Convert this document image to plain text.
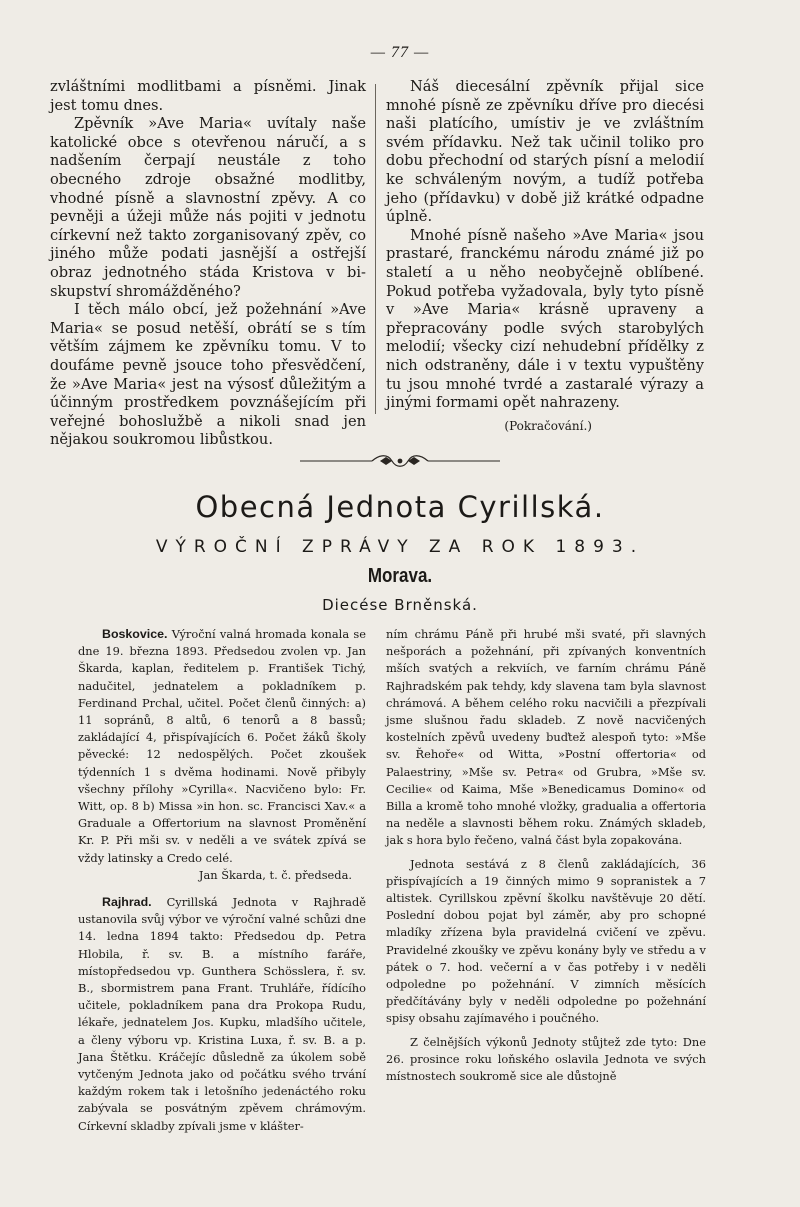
— 77 —

zvláštními modlitbami a písněmi. Jinak jest tomu dnes.

Zpěvník »Ave Maria« uvítaly naše katolické obce s otevřenou náručí, a s nadšením čerpají neustále z toho obecného zdroje obsažné modlitby, vhodné písně a slavnostní zpěvy. A co pevněji a úžeji může nás pojiti v jednotu církevní než takto zorganisovaný zpěv, co jiného může podati jasnější a ostřejší obraz jednotného stáda Kristova v bi-skupství shromážděného?

I těch málo obcí, jež požehnání »Ave Maria« se posud netěší, obrátí se s tím větším zájmem ke zpěvníku tomu. V to doufáme pevně jsouce toho přesvědčení, že »Ave Maria« jest na výsosť důležitým a účinným prostředkem povznášejícím při veřejné bohoslužbě a nikoli snad jen nějakou soukromou libůstkou.

Náš diecesální zpěvník přijal sice mnohé písně ze zpěvníku dříve pro diecési naši platícího, umístiv je ve zvláštním svém přídavku. Než tak učinil toliko pro dobu přechodní od starých písní a melodií ke schváleným novým, a tudíž potřeba jeho (přídavku) v době již krátké odpadne úplně.

Mnohé písně našeho »Ave Maria« jsou prastaré, franckému národu známé již po staletí a u něho neobyčejně oblíbené. Pokud potřeba vyžadovala, byly tyto písně v »Ave Maria« krásně upraveny a přepracovány podle svých starobylých melodií; všecky cizí nehudební přídělky z nich odstraněny, dále i v textu vypuštěny tu jsou mnohé tvrdé a zastaralé výrazy a jinými formami opět nahrazeny.

(Pokračování.)
Obecná Jednota Cyrillská.
VÝROČNÍ ZPRÁVY ZA ROK 1893.
Morava.
Diecése Brněnská.

Boskovice. Výroční valná hromada konala se dne 19. března 1893. Předsedou zvolen vp. Jan Škarda, kaplan, ředitelem p. František Tichý, nadučitel, jednatelem a pokladníkem p. Ferdinand Prchal, učitel. Počet členů činných: a) 11 sopránů, 8 altů, 6 tenorů a 8 bassů; zakládající 4, přispívajících 6. Počet žáků školy pěvecké: 12 nedospělých. Počet zkoušek týdenních 1 s dvěma hodinami. Nově přibyly všechny přílohy »Cyrilla«. Nacvičeno bylo: Fr. Witt, op. 8 b) Missa »in hon. sc. Francisci Xav.« a Graduale a Offertorium na slavnost Proměnění Kr. P. Při mši sv. v neděli a ve svátek zpívá se vždy latinsky a Credo celé.

Jan Škarda, t. č. předseda.

Rajhrad. Cyrillská Jednota v Rajhradě ustanovila svůj výbor ve výroční valné schůzi dne 14. ledna 1894 takto: Předsedou dp. Petra Hlobila, ř. sv. B. a místního faráře, místopředsedou vp. Gunthera Schösslera, ř. sv. B., sbormistrem pana Frant. Truhláře, řídícího učitele, pokladníkem pana dra Prokopa Rudu, lékaře, jednatelem Jos. Kupku, mladšího učitele, a členy výboru vp. Kristina Luxa, ř. sv. B. a p. Jana Štětku. Kráčejíc důsledně za úkolem sobě vytčeným Jednota jako od počátku svého trvání každým rokem tak i letošního jedenáctého roku zabývala se posvátným zpěvem chrámovým. Církevní skladby zpívali jsme v klášter-

ním chrámu Páně při hrubé mši svaté, při slavných nešporách a požehnání, při zpívaných konventních mších svatých a rekviích, ve farním chrámu Páně Rajhradském pak tehdy, kdy slavena tam byla slavnost chrámová. A během celého roku nacvičili a přezpívali jsme slušnou řadu skladeb. Z nově nacvičených kostelních zpěvů uvedeny buďtež alespoň tyto: »Mše sv. Řehoře« od Witta, »Postní offertoria« od Palaestriny, »Mše sv. Petra« od Grubra, »Mše sv. Cecilie« od Kaima, Mše »Benedicamus Domino« od Billa a kromě toho mnohé vložky, gradualia a offertoria na neděle a slavnosti během roku. Známých skladeb, jak s hora bylo řečeno, valná část byla zopakována.

Jednota sestává z 8 členů zakládajících, 36 přispívajících a 19 činných mimo 9 sopranistek a 7 altistek. Cyrillskou zpěvní školku navštěvuje 20 dětí. Poslední dobou pojat byl záměr, aby pro schopné mladíky zřízena byla pravidelná cvičení ve zpěvu. Pravidelné zkoušky ve zpěvu konány byly ve středu a v pátek o 7. hod. večerní a v čas potřeby i v neděli odpoledne po požehnání. V zimních měsících předčítávány byly v neděli odpoledne po požehnání spisy obsahu zajímavého i poučného.

Z čelnějších výkonů Jednoty stůjtež zde tyto: Dne 26. prosince roku loňského oslavila Jednota ve svých místnostech soukromě sice ale důstojně
